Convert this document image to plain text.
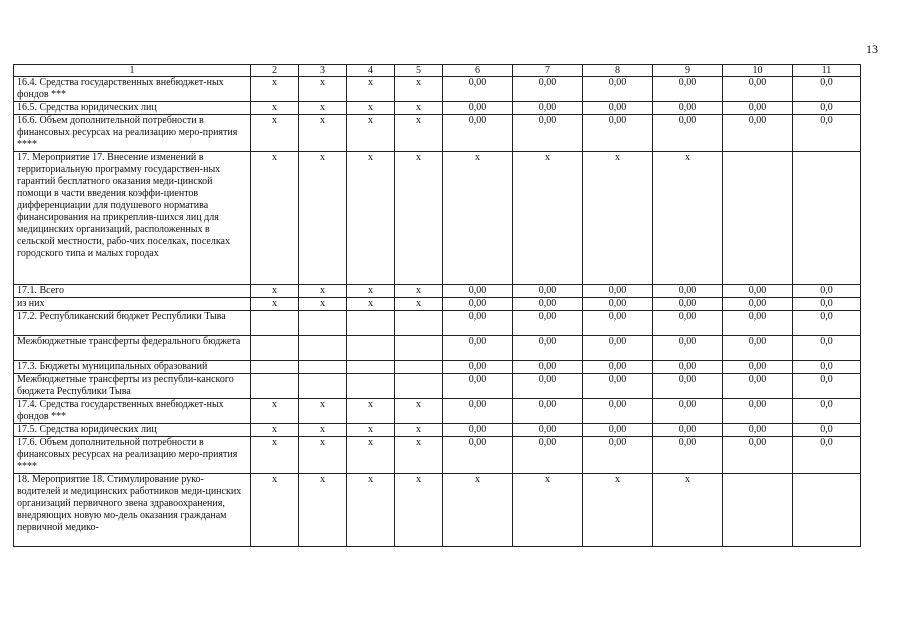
13
1	2	3	4	5	6	7	8	9	10	11
16.4. Средства государственных внебюджет-ных фондов ***	x	x	x	x	0,00	0,00	0,00	0,00	0,00	0,0
16.5. Средства юридических лиц	x	x	x	x	0,00	0,00	0,00	0,00	0,00	0,0
16.6. Объем дополнительной потребности в финансовых ресурсах на реализацию меро-приятия ****	x	x	x	x	0,00	0,00	0,00	0,00	0,00	0,0
17. Мероприятие 17. Внесение изменений в территориальную программу государствен-ных гарантий бесплатного оказания меди-цинской помощи в части введения коэффи-циентов дифференциации для подушевого норматива финансирования на прикреплив-шихся лиц для медицинских организаций, расположенных в сельской местности, рабо-чих поселках, поселках городского типа и малых городах	x	x	x	x	x	x	x	x		
17.1. Всего	x	x	x	x	0,00	0,00	0,00	0,00	0,00	0,0
из них	x	x	x	x	0,00	0,00	0,00	0,00	0,00	0,0
17.2. Республиканский бюджет Республики Тыва					0,00	0,00	0,00	0,00	0,00	0,0
Межбюджетные трансферты федерального бюджета					0,00	0,00	0,00	0,00	0,00	0,0
17.3. Бюджеты муниципальных образований					0,00	0,00	0,00	0,00	0,00	0,0
Межбюджетные трансферты из республи-канского бюджета Республики Тыва					0,00	0,00	0,00	0,00	0,00	0,0
17.4. Средства государственных внебюджет-ных фондов ***	x	x	x	x	0,00	0,00	0,00	0,00	0,00	0,0
17.5. Средства юридических лиц	x	x	x	x	0,00	0,00	0,00	0,00	0,00	0,0
17.6. Объем дополнительной потребности в финансовых ресурсах на реализацию меро-приятия ****	x	x	x	x	0,00	0,00	0,00	0,00	0,00	0,0
18. Мероприятие 18. Стимулирование руко-водителей и медицинских работников меди-цинских организаций первичного звена здравоохранения, внедряющих новую мо-дель оказания гражданам первичной медико-	x	x	x	x	x	x	x	x		
